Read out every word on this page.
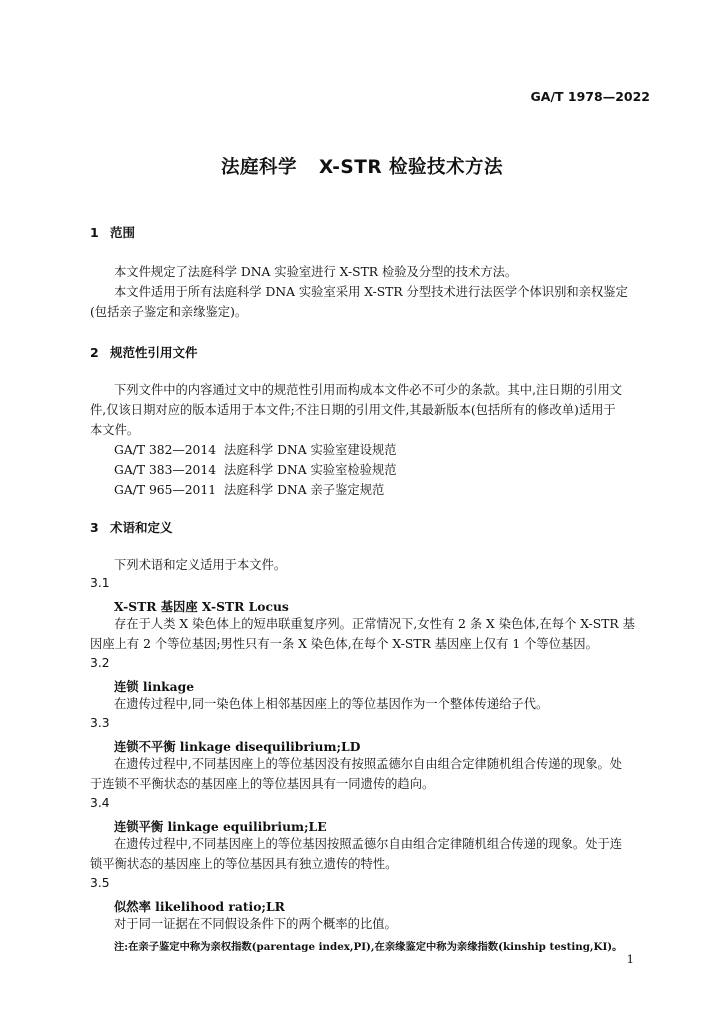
GA/T 1978—2022
法庭科学 X-STR 检验技术方法
1 范围
本文件规定了法庭科学 DNA 实验室进行 X-STR 检验及分型的技术方法。
本文件适用于所有法庭科学 DNA 实验室采用 X-STR 分型技术进行法医学个体识别和亲权鉴定
(包括亲子鉴定和亲缘鉴定)。
2 规范性引用文件
下列文件中的内容通过文中的规范性引用而构成本文件必不可少的条款。其中,注日期的引用文
件,仅该日期对应的版本适用于本文件;不注日期的引用文件,其最新版本(包括所有的修改单)适用于
本文件。
GA/T 382—2014 法庭科学 DNA 实验室建设规范
GA/T 383—2014 法庭科学 DNA 实验室检验规范
GA/T 965—2011 法庭科学 DNA 亲子鉴定规范
3 术语和定义
下列术语和定义适用于本文件。
3.1
X-STR 基因座 X-STR Locus
存在于人类 X 染色体上的短串联重复序列。正常情况下,女性有 2 条 X 染色体,在每个 X-STR 基
因座上有 2 个等位基因;男性只有一条 X 染色体,在每个 X-STR 基因座上仅有 1 个等位基因。
3.2
连锁 linkage
在遗传过程中,同一染色体上相邻基因座上的等位基因作为一个整体传递给子代。
3.3
连锁不平衡 linkage disequilibrium;LD
在遗传过程中,不同基因座上的等位基因没有按照孟德尔自由组合定律随机组合传递的现象。处
于连锁不平衡状态的基因座上的等位基因具有一同遗传的趋向。
3.4
连锁平衡 linkage equilibrium;LE
在遗传过程中,不同基因座上的等位基因按照孟德尔自由组合定律随机组合传递的现象。处于连
锁平衡状态的基因座上的等位基因具有独立遗传的特性。
3.5
似然率 likelihood ratio;LR
对于同一证据在不同假设条件下的两个概率的比值。
注:在亲子鉴定中称为亲权指数(parentage index,PI),在亲缘鉴定中称为亲缘指数(kinship testing,KI)。
1
